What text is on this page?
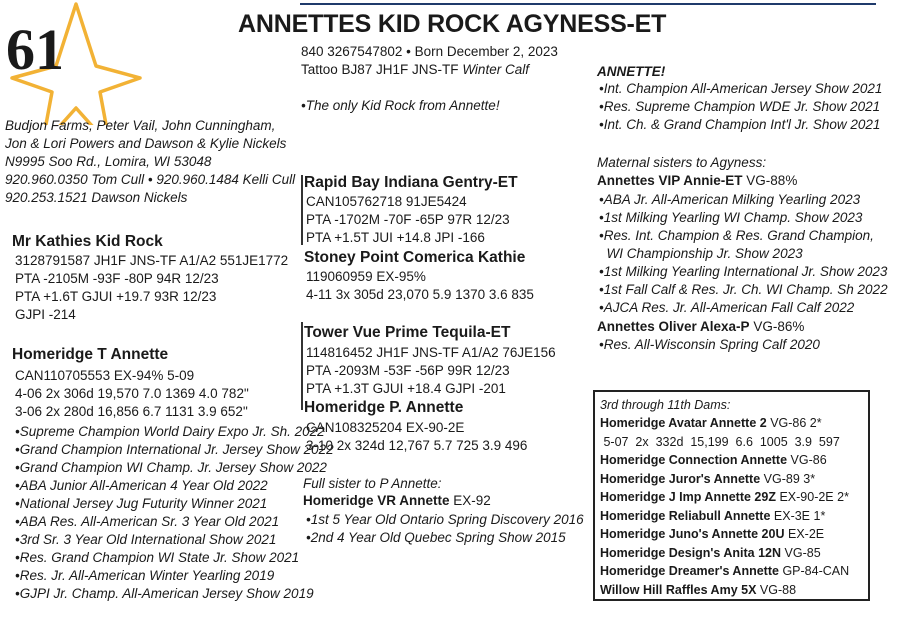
ANNETTES KID ROCK AGYNESS-ET
61	840 3267547802 • Born December 2, 2023
Tattoo BJ87 JH1F JNS-TF Winter Calf
•The only Kid Rock from Annette!
Budjon Farms, Peter Vail, John Cunningham,
Jon & Lori Powers and Dawson & Kylie Nickels
N9995 Soo Rd., Lomira, WI 53048
920.960.0350 Tom Cull • 920.960.1484 Kelli Cull
920.253.1521 Dawson Nickels
Mr Kathies Kid Rock
3128791587 JH1F JNS-TF A1/A2 551JE1772
PTA -2105M -93F -80P 94R 12/23
PTA +1.6T GJUI +19.7 93R 12/23
GJPI -214
Homeridge T Annette
CAN110705553 EX-94% 5-09
4-06 2x 306d 19,570 7.0 1369 4.0 782"
3-06 2x 280d 16,856 6.7 1131 3.9 652"
•Supreme Champion World Dairy Expo Jr. Sh. 2022
•Grand Champion International Jr. Jersey Show 2022
•Grand Champion WI Champ. Jr. Jersey Show 2022
•ABA Junior All-American 4 Year Old 2022
•National Jersey Jug Futurity Winner 2021
•ABA Res. All-American Sr. 3 Year Old 2021
•3rd Sr. 3 Year Old International Show 2021
•Res. Grand Champion WI State Jr. Show 2021
•Res. Jr. All-American Winter Yearling 2019
•GJPI Jr. Champ. All-American Jersey Show 2019
Rapid Bay Indiana Gentry-ET
CAN105762718 91JE5424
PTA -1702M -70F -65P 97R 12/23
PTA +1.5T JUI +14.8 JPI -166
Stoney Point Comerica Kathie
119060959 EX-95%
4-11 3x 305d 23,070 5.9 1370 3.6 835
Tower Vue Prime Tequila-ET
114816452 JH1F JNS-TF A1/A2 76JE156
PTA -2093M -53F -56P 99R 12/23
PTA +1.3T GJUI +18.4 GJPI -201
Homeridge P. Annette
CAN108325204 EX-90-2E
3-10 2x 324d 12,767 5.7 725 3.9 496
Full sister to P Annette:
Homeridge VR Annette EX-92
•1st 5 Year Old Ontario Spring Discovery 2016
•2nd 4 Year Old Quebec Spring Show 2015
ANNETTE!
•Int. Champion All-American Jersey Show 2021
•Res. Supreme Champion WDE Jr. Show 2021
•Int. Ch. & Grand Champion Int'l Jr. Show 2021
Maternal sisters to Agyness:
Annettes VIP Annie-ET VG-88%
•ABA Jr. All-American Milking Yearling 2023
•1st Milking Yearling WI Champ. Show 2023
•Res. Int. Champion & Res. Grand Champion,
WI Championship Jr. Show 2023
•1st Milking Yearling International Jr. Show 2023
•1st Fall Calf & Res. Jr. Ch. WI Champ. Sh 2022
•AJCA Res. Jr. All-American Fall Calf 2022
Annettes Oliver Alexa-P VG-86%
•Res. All-Wisconsin Spring Calf 2020
3rd through 11th Dams:
Homeridge Avatar Annette 2 VG-86 2*
5-07  2x  332d  15,199  6.6  1005  3.9  597
Homeridge Connection Annette VG-86
Homeridge Juror's Annette VG-89 3*
Homeridge J Imp Annette 29Z EX-90-2E 2*
Homeridge Reliabull Annette EX-3E 1*
Homeridge Juno's Annette 20U EX-2E
Homeridge Design's Anita 12N VG-85
Homeridge Dreamer's Annette GP-84-CAN
Willow Hill Raffles Amy 5X VG-88
